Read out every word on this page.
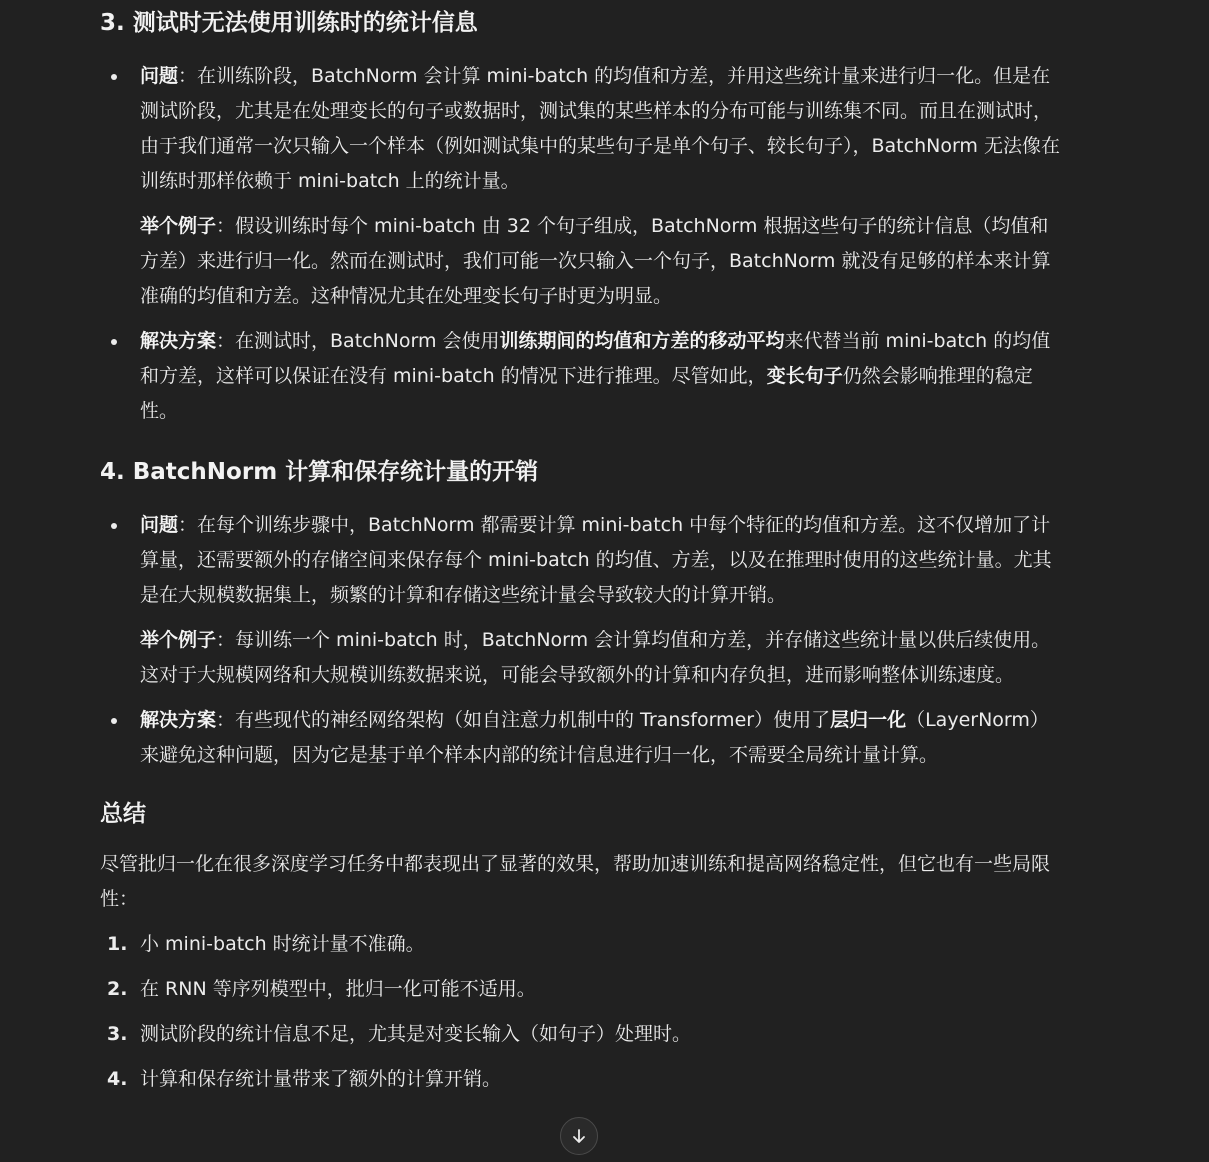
3. 测试时无法使用训练时的统计信息

问题：在训练阶段，BatchNorm 会计算 mini-batch 的均值和方差，并用这些统计量来进行归一化。但是在测试阶段，尤其是在处理变长的句子或数据时，测试集的某些样本的分布可能与训练集不同。而且在测试时，由于我们通常一次只输入一个样本（例如测试集中的某些句子是单个句子、较长句子），BatchNorm 无法像在训练时那样依赖于 mini-batch 上的统计量。

举个例子：假设训练时每个 mini-batch 由 32 个句子组成，BatchNorm 根据这些句子的统计信息（均值和方差）来进行归一化。然而在测试时，我们可能一次只输入一个句子，BatchNorm 就没有足够的样本来计算准确的均值和方差。这种情况尤其在处理变长句子时更为明显。

解决方案：在测试时，BatchNorm 会使用训练期间的均值和方差的移动平均来代替当前 mini-batch 的均值和方差，这样可以保证在没有 mini-batch 的情况下进行推理。尽管如此，变长句子仍然会影响推理的稳定性。

4. BatchNorm 计算和保存统计量的开销

问题：在每个训练步骤中，BatchNorm 都需要计算 mini-batch 中每个特征的均值和方差。这不仅增加了计算量，还需要额外的存储空间来保存每个 mini-batch 的均值、方差，以及在推理时使用的这些统计量。尤其是在大规模数据集上，频繁的计算和存储这些统计量会导致较大的计算开销。

举个例子：每训练一个 mini-batch 时，BatchNorm 会计算均值和方差，并存储这些统计量以供后续使用。这对于大规模网络和大规模训练数据来说，可能会导致额外的计算和内存负担，进而影响整体训练速度。

解决方案：有些现代的神经网络架构（如自注意力机制中的 Transformer）使用了层归一化（LayerNorm）来避免这种问题，因为它是基于单个样本内部的统计信息进行归一化，不需要全局统计量计算。

总结

尽管批归一化在很多深度学习任务中都表现出了显著的效果，帮助加速训练和提高网络稳定性，但它也有一些局限性：

1. 小 mini-batch 时统计量不准确。
2. 在 RNN 等序列模型中，批归一化可能不适用。
3. 测试阶段的统计信息不足，尤其是对变长输入（如句子）处理时。
4. 计算和保存统计量带来了额外的计算开销。
